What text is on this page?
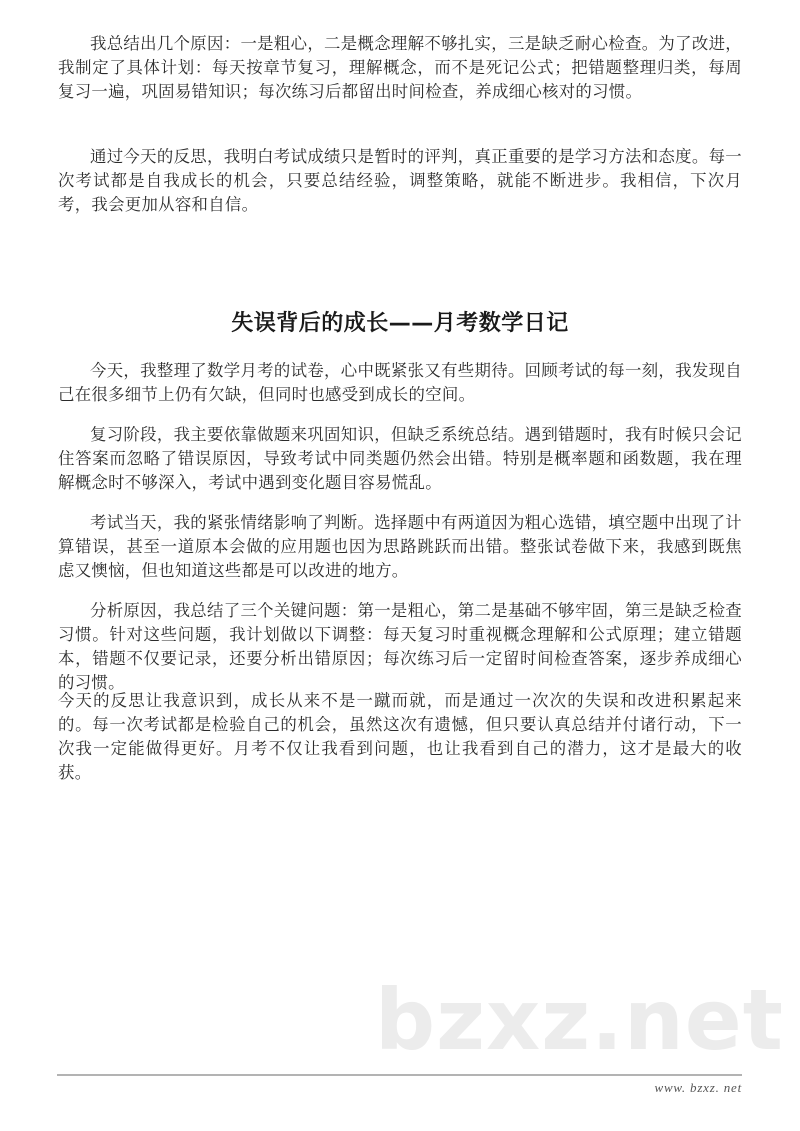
我总结出几个原因：一是粗心，二是概念理解不够扎实，三是缺乏耐心检查。为了改进，我制定了具体计划：每天按章节复习，理解概念，而不是死记公式；把错题整理归类，每周复习一遍，巩固易错知识；每次练习后都留出时间检查，养成细心核对的习惯。

通过今天的反思，我明白考试成绩只是暂时的评判，真正重要的是学习方法和态度。每一次考试都是自我成长的机会，只要总结经验，调整策略，就能不断进步。我相信，下次月考，我会更加从容和自信。

失误背后的成长——月考数学日记

今天，我整理了数学月考的试卷，心中既紧张又有些期待。回顾考试的每一刻，我发现自己在很多细节上仍有欠缺，但同时也感受到成长的空间。

复习阶段，我主要依靠做题来巩固知识，但缺乏系统总结。遇到错题时，我有时候只会记住答案而忽略了错误原因，导致考试中同类题仍然会出错。特别是概率题和函数题，我在理解概念时不够深入，考试中遇到变化题目容易慌乱。

考试当天，我的紧张情绪影响了判断。选择题中有两道因为粗心选错，填空题中出现了计算错误，甚至一道原本会做的应用题也因为思路跳跃而出错。整张试卷做下来，我感到既焦虑又懊恼，但也知道这些都是可以改进的地方。

分析原因，我总结了三个关键问题：第一是粗心，第二是基础不够牢固，第三是缺乏检查习惯。针对这些问题，我计划做以下调整：每天复习时重视概念理解和公式原理；建立错题本，错题不仅要记录，还要分析出错原因；每次练习后一定留时间检查答案，逐步养成细心的习惯。

今天的反思让我意识到，成长从来不是一蹴而就，而是通过一次次的失误和改进积累起来的。每一次考试都是检验自己的机会，虽然这次有遗憾，但只要认真总结并付诸行动，下一次我一定能做得更好。月考不仅让我看到问题，也让我看到自己的潜力，这才是最大的收获。

bzxz.net
www. bzxz. net
